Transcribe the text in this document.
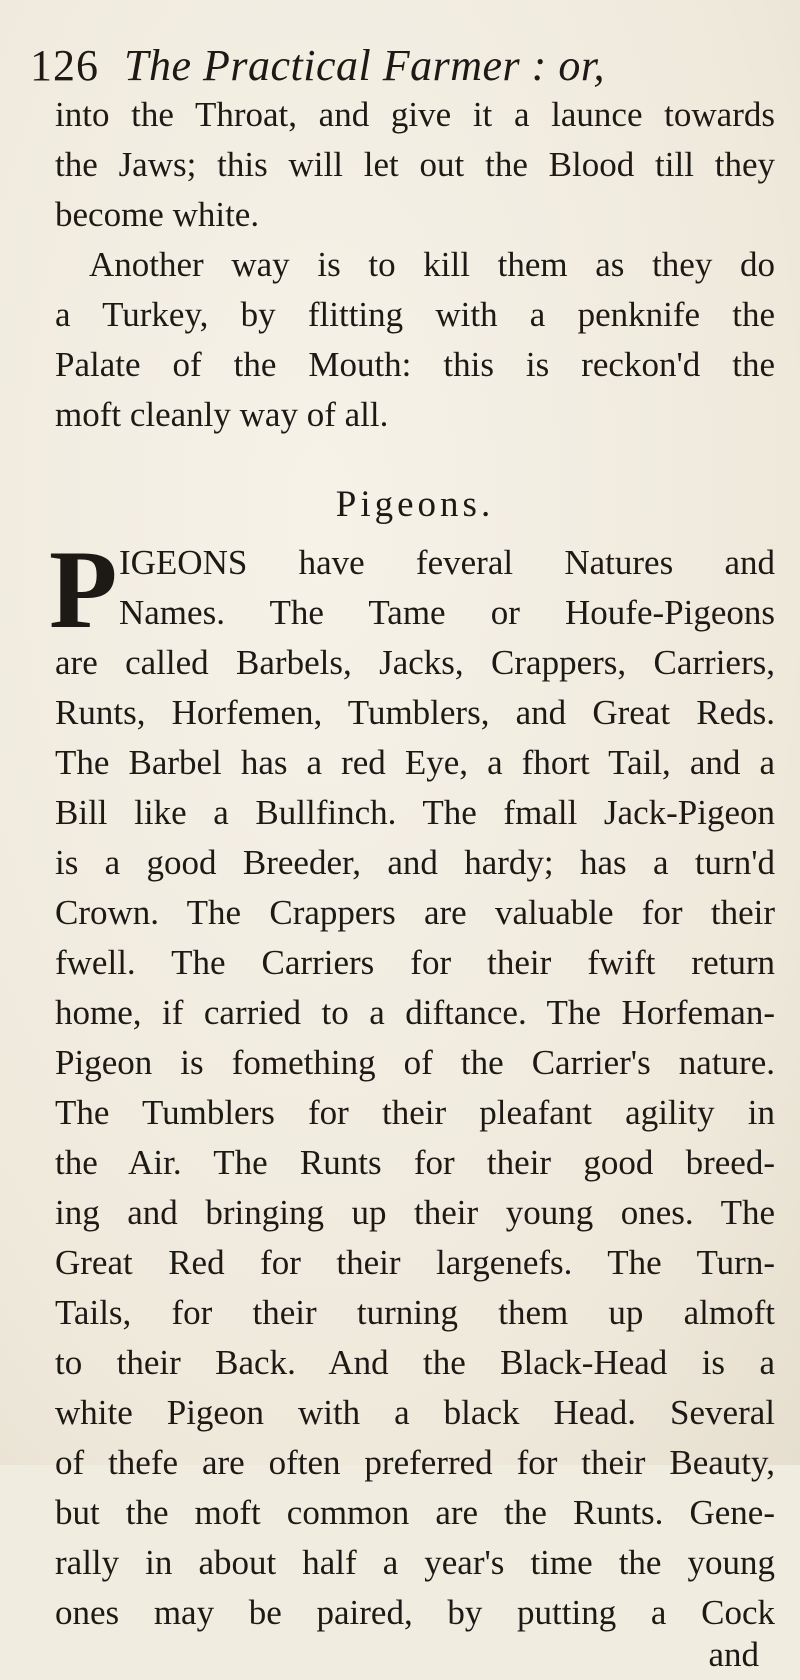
126 The Practical Farmer : or,
into the Throat, and give it a launce towards
the Jaws; this will let out the Blood till they
become white.
Another way is to kill them as they do
a Turkey, by flitting with a penknife the
Palate of the Mouth: this is reckon'd the
moft cleanly way of all.
Pigeons.
P IGEONS have feveral Natures and
Names. The Tame or Houfe-Pigeons
are called Barbels, Jacks, Crappers, Carriers,
Runts, Horfemen, Tumblers, and Great Reds.
The Barbel has a red Eye, a fhort Tail, and a
Bill like a Bullfinch. The fmall Jack-Pigeon
is a good Breeder, and hardy; has a turn'd
Crown. The Crappers are valuable for their
fwell. The Carriers for their fwift return
home, if carried to a diftance. The Horfeman-
Pigeon is fomething of the Carrier's nature.
The Tumblers for their pleafant agility in
the Air. The Runts for their good breed-
ing and bringing up their young ones. The
Great Red for their largenefs. The Turn-
Tails, for their turning them up almoft
to their Back. And the Black-Head is a
white Pigeon with a black Head. Several
of thefe are often preferred for their Beauty,
but the moft common are the Runts. Gene-
rally in about half a year's time the young
ones may be paired, by putting a Cock
and
